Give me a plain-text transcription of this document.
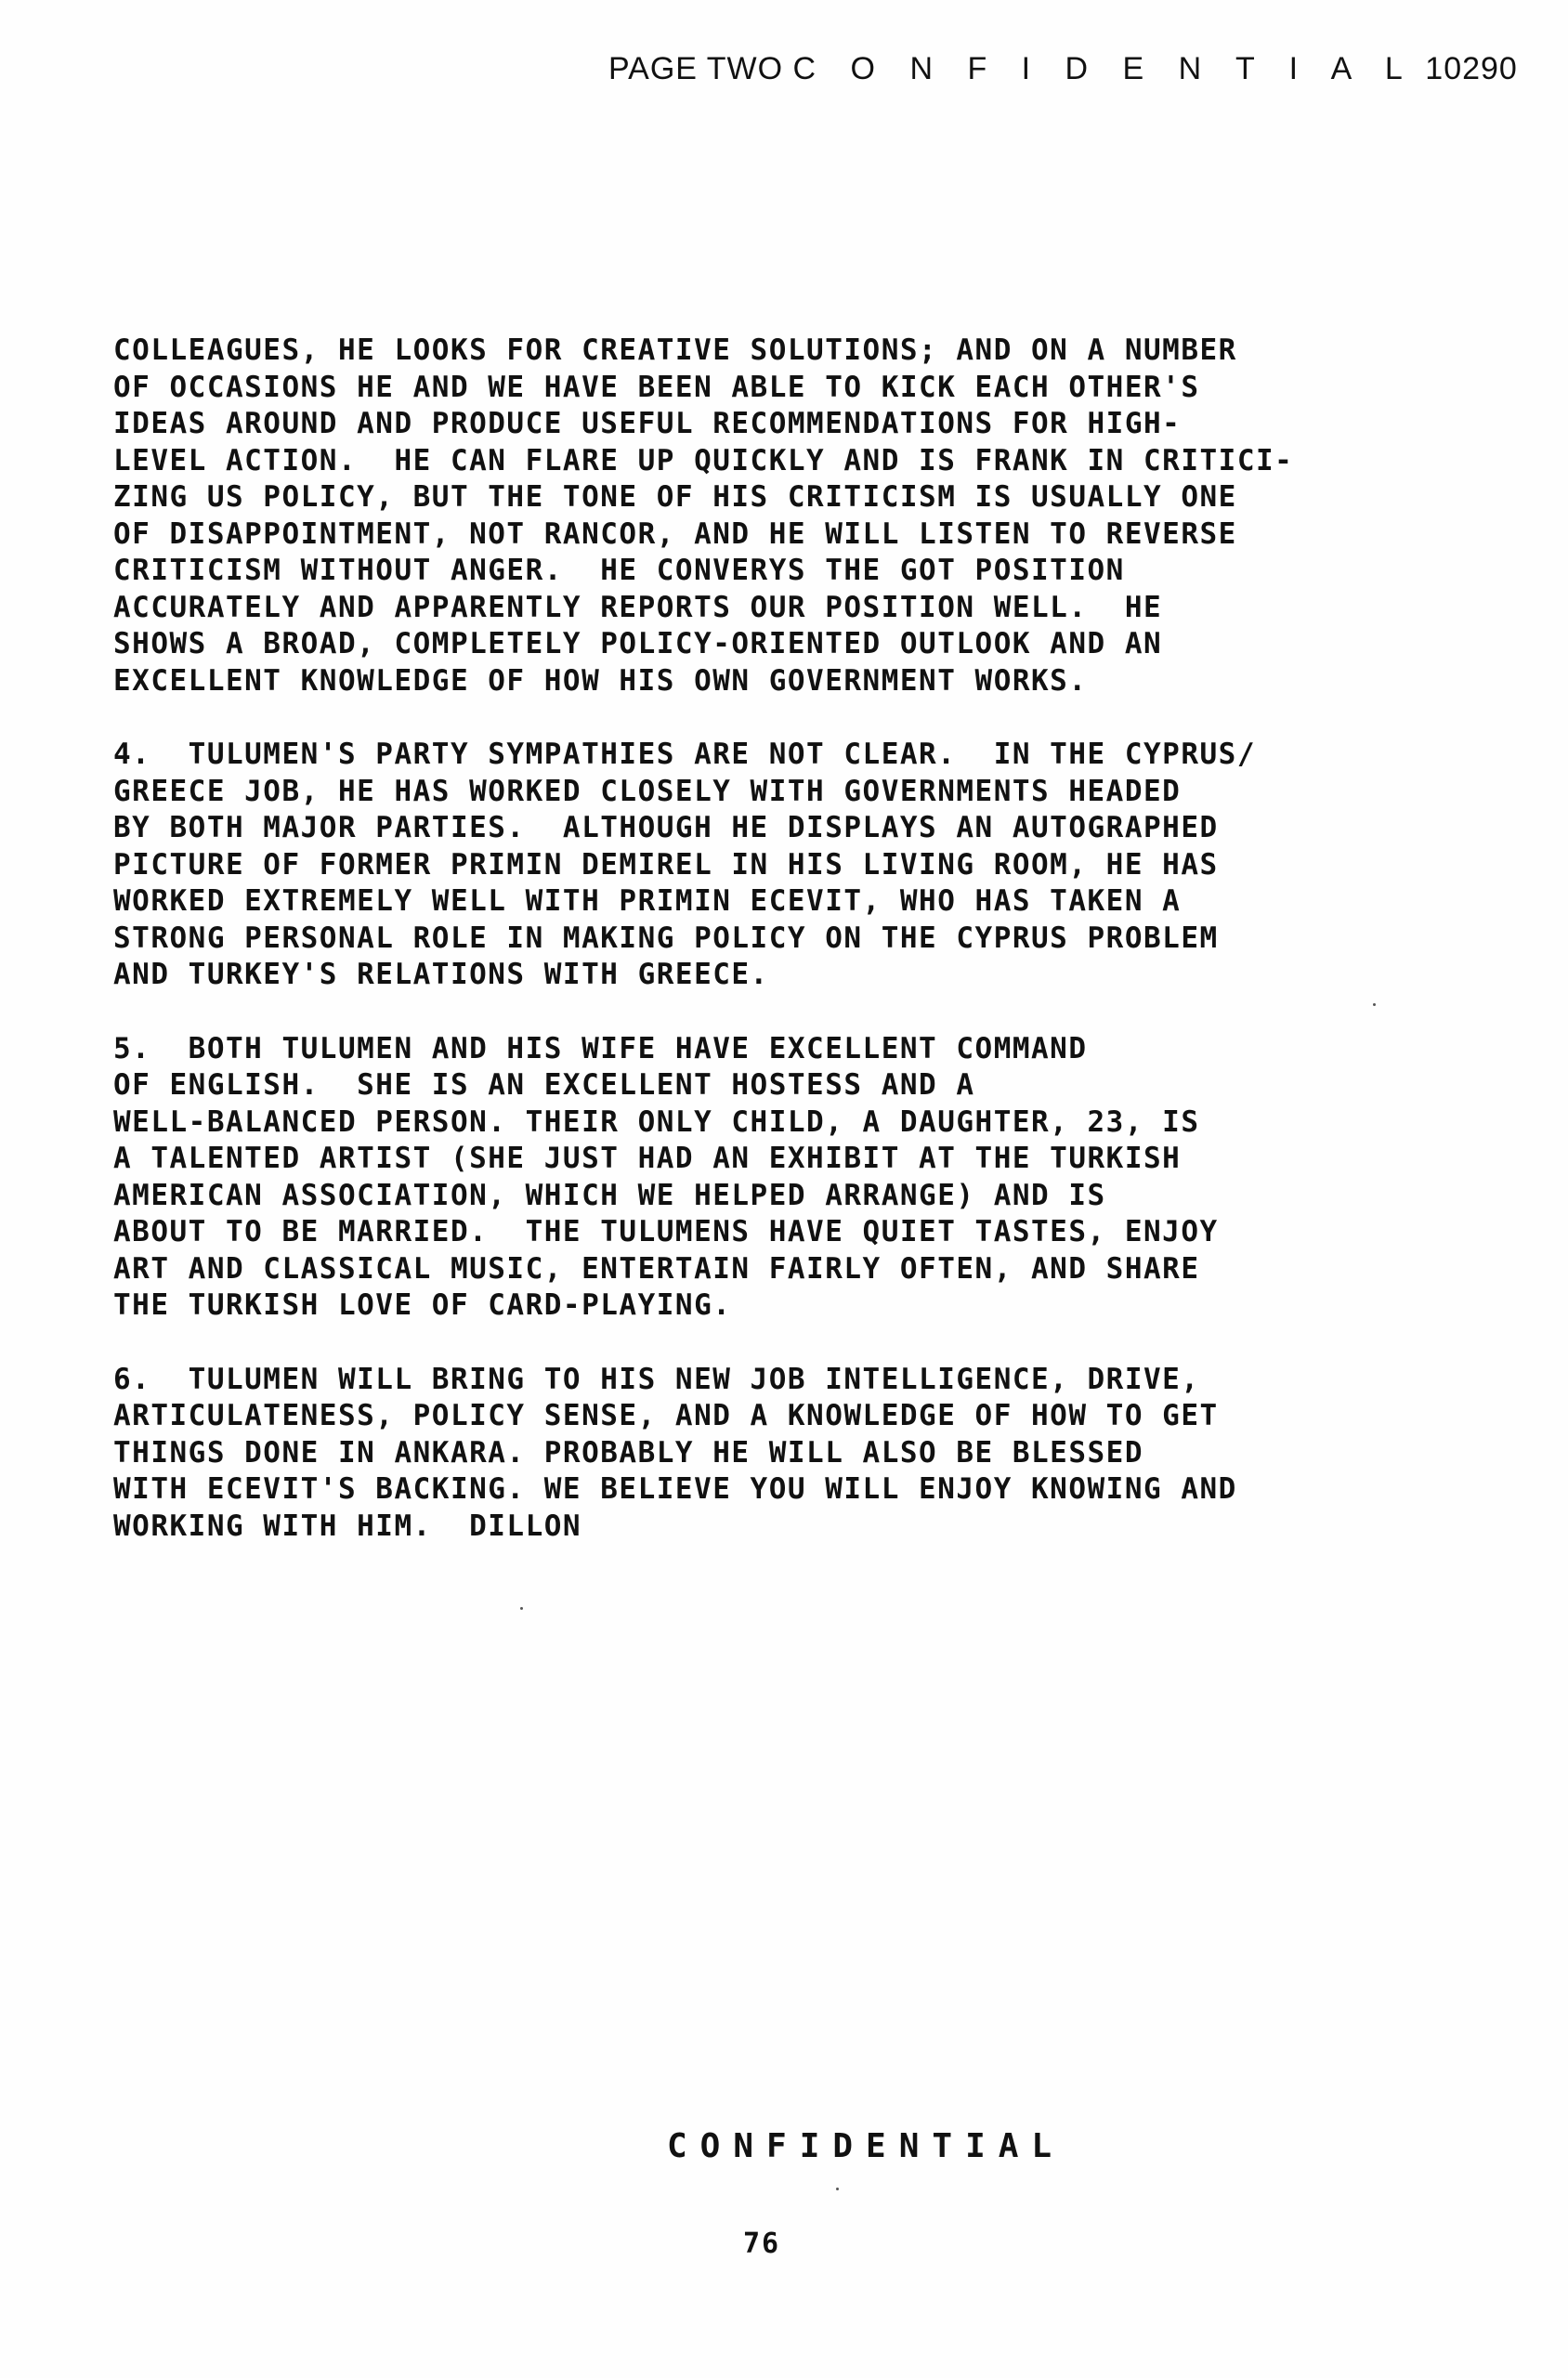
PAGE TWO C O N F I D E N T I A L 10290
COLLEAGUES, HE LOOKS FOR CREATIVE SOLUTIONS; AND ON A NUMBER
OF OCCASIONS HE AND WE HAVE BEEN ABLE TO KICK EACH OTHER'S
IDEAS AROUND AND PRODUCE USEFUL RECOMMENDATIONS FOR HIGH-
LEVEL ACTION.  HE CAN FLARE UP QUICKLY AND IS FRANK IN CRITICI-
ZING US POLICY, BUT THE TONE OF HIS CRITICISM IS USUALLY ONE
OF DISAPPOINTMENT, NOT RANCOR, AND HE WILL LISTEN TO REVERSE
CRITICISM WITHOUT ANGER.  HE CONVERYS THE GOT POSITION
ACCURATELY AND APPARENTLY REPORTS OUR POSITION WELL.  HE
SHOWS A BROAD, COMPLETELY POLICY-ORIENTED OUTLOOK AND AN
EXCELLENT KNOWLEDGE OF HOW HIS OWN GOVERNMENT WORKS.
4.  TULUMEN'S PARTY SYMPATHIES ARE NOT CLEAR.  IN THE CYPRUS/
GREECE JOB, HE HAS WORKED CLOSELY WITH GOVERNMENTS HEADED
BY BOTH MAJOR PARTIES.  ALTHOUGH HE DISPLAYS AN AUTOGRAPHED
PICTURE OF FORMER PRIMIN DEMIREL IN HIS LIVING ROOM, HE HAS
WORKED EXTREMELY WELL WITH PRIMIN ECEVIT, WHO HAS TAKEN A
STRONG PERSONAL ROLE IN MAKING POLICY ON THE CYPRUS PROBLEM
AND TURKEY'S RELATIONS WITH GREECE.
5.  BOTH TULUMEN AND HIS WIFE HAVE EXCELLENT COMMAND
OF ENGLISH.  SHE IS AN EXCELLENT HOSTESS AND A
WELL-BALANCED PERSON. THEIR ONLY CHILD, A DAUGHTER, 23, IS
A TALENTED ARTIST (SHE JUST HAD AN EXHIBIT AT THE TURKISH
AMERICAN ASSOCIATION, WHICH WE HELPED ARRANGE) AND IS
ABOUT TO BE MARRIED.  THE TULUMENS HAVE QUIET TASTES, ENJOY
ART AND CLASSICAL MUSIC, ENTERTAIN FAIRLY OFTEN, AND SHARE
THE TURKISH LOVE OF CARD-PLAYING.
6.  TULUMEN WILL BRING TO HIS NEW JOB INTELLIGENCE, DRIVE,
ARTICULATENESS, POLICY SENSE, AND A KNOWLEDGE OF HOW TO GET
THINGS DONE IN ANKARA. PROBABLY HE WILL ALSO BE BLESSED
WITH ECEVIT'S BACKING. WE BELIEVE YOU WILL ENJOY KNOWING AND
WORKING WITH HIM.  DILLON
CONFIDENTIAL
76
